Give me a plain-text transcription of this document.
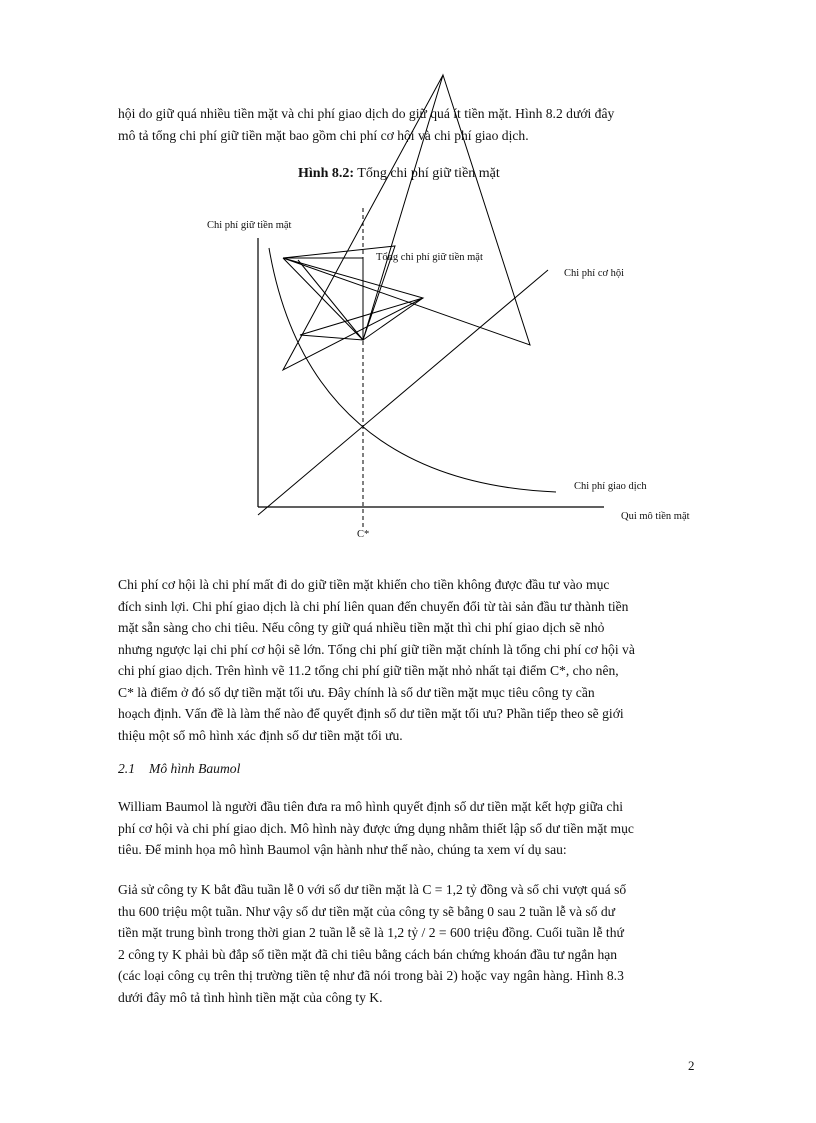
hội do giữ quá nhiều tiền mặt và chi phí giao dịch do giữ quá ít tiền mặt. Hình 8.2 dưới đây
mô tả tổng chi phí giữ tiền mặt bao gồm chi phí cơ hội và chi phí giao dịch.
Hình 8.2: Tổng chi phí giữ tiền mặt
Chi phí giữ tiền mặt
Tổng chi phí giữ tiền mặt
Chi phí cơ hội
Chi phí giao dịch
Qui mô tiền mặt
C*
Chi phí cơ hội là chi phí mất đi do giữ tiền mặt khiến cho tiền không được đầu tư vào mục
đích sinh lợi. Chi phí giao dịch là chi phí liên quan đến chuyển đổi từ tài sản đầu tư thành tiền
mặt sẵn sàng cho chi tiêu. Nếu công ty giữ quá nhiều tiền mặt thì chi phí giao dịch sẽ nhỏ
nhưng ngược lại chi phí cơ hội sẽ lớn. Tổng chi phí giữ tiền mặt chính là tổng chi phí cơ hội và
chi phí giao dịch. Trên hình vẽ 11.2 tổng chi phí giữ tiền mặt nhỏ nhất tại điểm C*, cho nên,
C* là điểm ở đó số dự tiền mặt tối ưu. Đây chính là số dư tiền mặt mục tiêu công ty cần
hoạch định. Vấn đề là làm thế nào để quyết định số dư tiền mặt tối ưu? Phần tiếp theo sẽ giới
thiệu một số mô hình xác định số dư tiền mặt tối ưu.
2.1 Mô hình Baumol
William Baumol là người đầu tiên đưa ra mô hình quyết định số dư tiền mặt kết hợp giữa chi
phí cơ hội và chi phí giao dịch. Mô hình này được ứng dụng nhằm thiết lập số dư tiền mặt mục
tiêu. Để minh họa mô hình Baumol vận hành như thế nào, chúng ta xem ví dụ sau:
Giả sử công ty K bắt đầu tuần lễ 0 với số dư tiền mặt là C = 1,2 tỷ đồng và số chi vượt quá số
thu 600 triệu một tuần. Như vậy số dư tiền mặt của công ty sẽ bằng 0 sau 2 tuần lễ và số dư
tiền mặt trung bình trong thời gian 2 tuần lễ sẽ là 1,2 tỷ / 2 = 600 triệu đồng. Cuối tuần lễ thứ
2 công ty K phải bù đắp số tiền mặt đã chi tiêu bằng cách bán chứng khoán đầu tư ngắn hạn
(các loại công cụ trên thị trường tiền tệ như đã nói trong bài 2) hoặc vay ngân hàng. Hình 8.3
dưới đây mô tả tình hình tiền mặt của công ty K.
2
